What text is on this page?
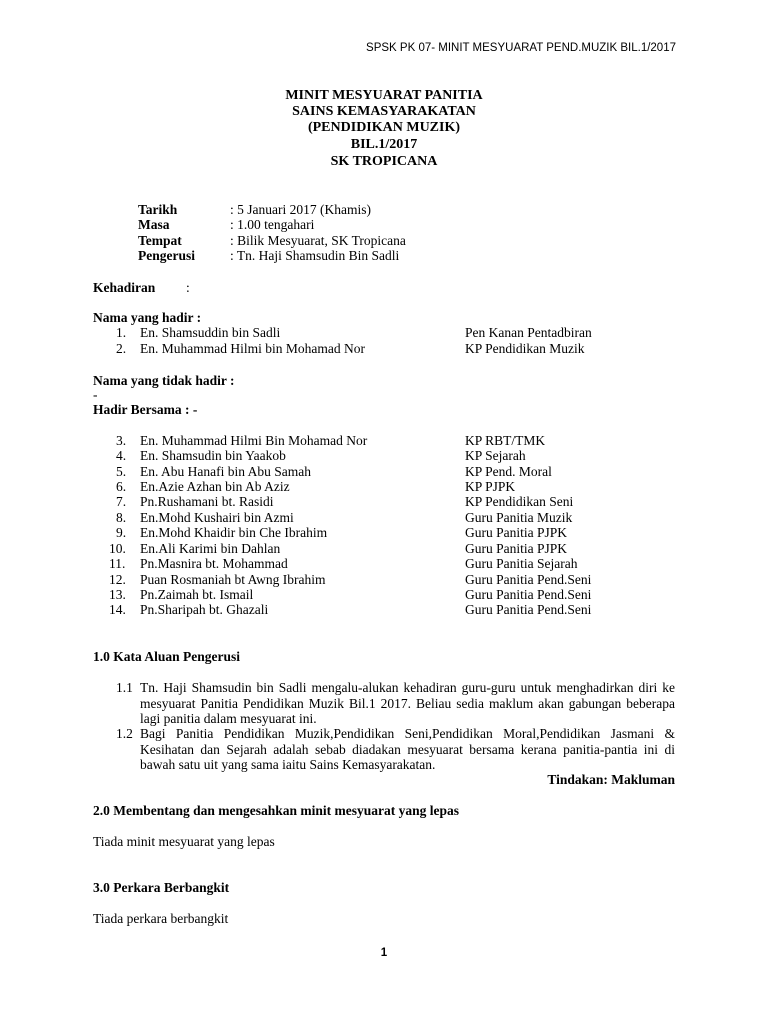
SPSK PK 07- MINIT MESYUARAT PEND.MUZIK BIL.1/2017
MINIT MESYUARAT PANITIA
SAINS KEMASYARAKATAN
(PENDIDIKAN MUZIK)
BIL.1/2017
SK TROPICANA
Tarikh	: 5 Januari 2017 (Khamis)
Masa	: 1.00 tengahari
Tempat	: Bilik Mesyuarat, SK Tropicana
Pengerusi	: Tn. Haji Shamsudin Bin Sadli
Kehadiran :
Nama yang hadir :
1. En. Shamsuddin bin Sadli	Pen Kanan Pentadbiran
2. En. Muhammad Hilmi bin Mohamad Nor	KP Pendidikan Muzik
Nama yang tidak hadir :
-
Hadir Bersama : -
3. En. Muhammad Hilmi Bin Mohamad Nor	KP RBT/TMK
4. En. Shamsudin bin Yaakob	KP Sejarah
5. En. Abu Hanafi bin Abu Samah	KP Pend. Moral
6. En.Azie Azhan bin Ab Aziz	KP PJPK
7. Pn.Rushamani bt. Rasidi	KP Pendidikan Seni
8. En.Mohd Kushairi bin Azmi	Guru Panitia Muzik
9. En.Mohd Khaidir bin Che Ibrahim	Guru Panitia PJPK
10. En.Ali Karimi bin Dahlan	Guru Panitia PJPK
11. Pn.Masnira bt. Mohammad	Guru Panitia Sejarah
12. Puan Rosmaniah bt Awng Ibrahim	Guru Panitia Pend.Seni
13. Pn.Zaimah bt. Ismail	Guru Panitia Pend.Seni
14. Pn.Sharipah bt. Ghazali	Guru Panitia Pend.Seni
1.0 Kata Aluan Pengerusi
1.1 Tn. Haji Shamsudin bin Sadli mengalu-alukan kehadiran guru-guru untuk menghadirkan diri ke mesyuarat Panitia Pendidikan Muzik Bil.1 2017. Beliau sedia maklum akan gabungan beberapa lagi panitia dalam mesyuarat ini.
1.2 Bagi Panitia Pendidikan Muzik,Pendidikan Seni,Pendidikan Moral,Pendidikan Jasmani & Kesihatan dan Sejarah adalah sebab diadakan mesyuarat bersama kerana panitia-pantia ini di bawah satu uit yang sama iaitu Sains Kemasyarakatan.
Tindakan: Makluman
2.0 Membentang dan mengesahkan minit mesyuarat yang lepas
Tiada minit mesyuarat yang lepas
3.0 Perkara Berbangkit
Tiada perkara berbangkit
1
